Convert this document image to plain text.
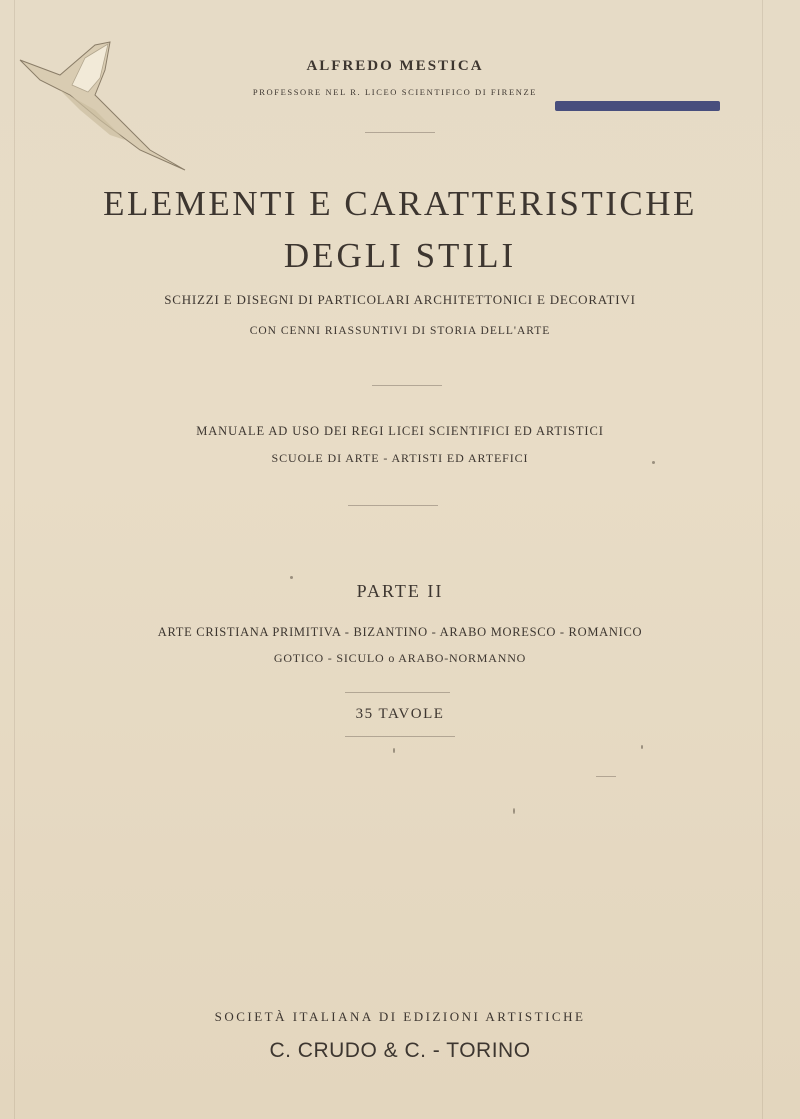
ALFREDO MESTICA
PROFESSORE NEL R. LICEO SCIENTIFICO DI FIRENZE
ELEMENTI E CARATTERISTICHE
DEGLI STILI
SCHIZZI E DISEGNI DI PARTICOLARI ARCHITETTONICI E DECORATIVI
CON CENNI RIASSUNTIVI DI STORIA DELL'ARTE
MANUALE AD USO DEI REGI LICEI SCIENTIFICI ED ARTISTICI
SCUOLE DI ARTE - ARTISTI ED ARTEFICI
PARTE II
ARTE CRISTIANA PRIMITIVA - BIZANTINO - ARABO MORESCO - ROMANICO
GOTICO - SICULO o ARABO-NORMANNO
35 TAVOLE
SOCIETÀ ITALIANA DI EDIZIONI ARTISTICHE
C. CRUDO & C. - TORINO
